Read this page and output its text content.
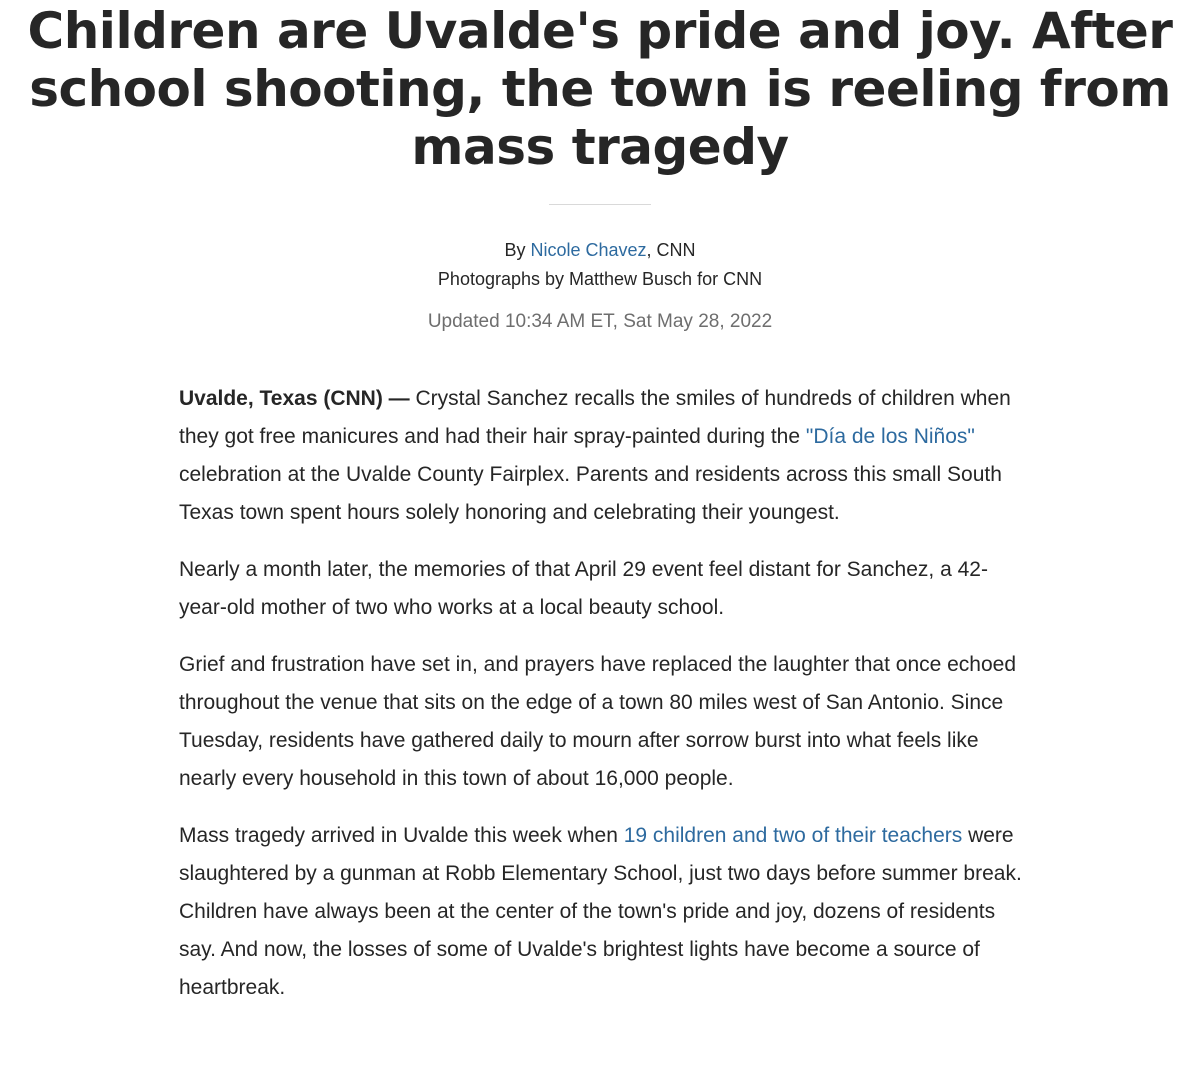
Children are Uvalde's pride and joy. After school shooting, the town is reeling from mass tragedy
By Nicole Chavez, CNN
Photographs by Matthew Busch for CNN
Updated 10:34 AM ET, Sat May 28, 2022

Uvalde, Texas (CNN) — Crystal Sanchez recalls the smiles of hundreds of children when they got free manicures and had their hair spray-painted during the "Día de los Niños" celebration at the Uvalde County Fairplex. Parents and residents across this small South Texas town spent hours solely honoring and celebrating their youngest.

Nearly a month later, the memories of that April 29 event feel distant for Sanchez, a 42-year-old mother of two who works at a local beauty school.

Grief and frustration have set in, and prayers have replaced the laughter that once echoed throughout the venue that sits on the edge of a town 80 miles west of San Antonio. Since Tuesday, residents have gathered daily to mourn after sorrow burst into what feels like nearly every household in this town of about 16,000 people.

Mass tragedy arrived in Uvalde this week when 19 children and two of their teachers were slaughtered by a gunman at Robb Elementary School, just two days before summer break. Children have always been at the center of the town's pride and joy, dozens of residents say. And now, the losses of some of Uvalde's brightest lights have become a source of heartbreak.
